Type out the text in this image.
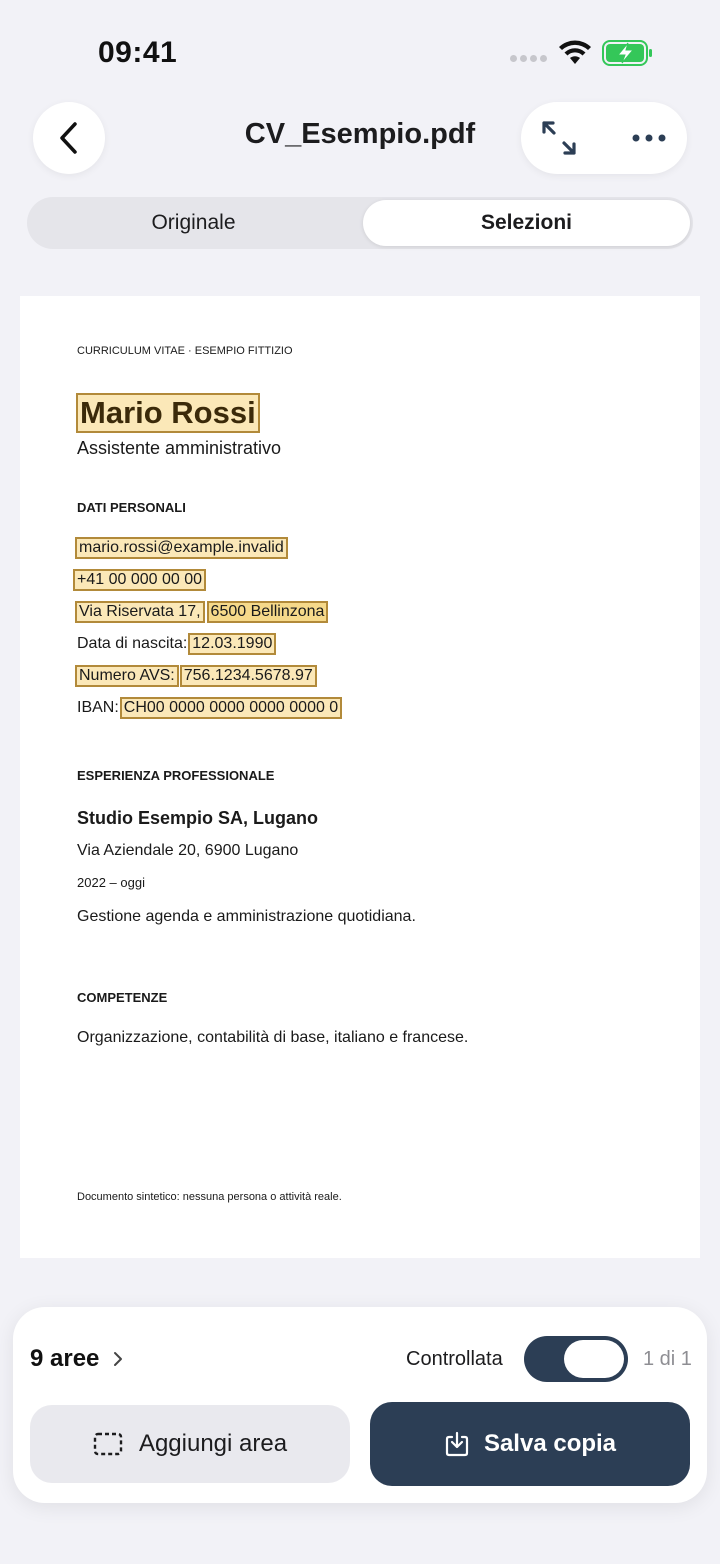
09:41
CV_Esempio.pdf
Originale	Selezioni
CURRICULUM VITAE · ESEMPIO FITTIZIO
Mario Rossi
Assistente amministrativo
DATI PERSONALI
mario.rossi@example.invalid
+41 00 000 00 00
Via Riservata 17, 6500 Bellinzona
Data di nascita: 12.03.1990
Numero AVS: 756.1234.5678.97
IBAN: CH00 0000 0000 0000 0000 0
ESPERIENZA PROFESSIONALE
Studio Esempio SA, Lugano
Via Aziendale 20, 6900 Lugano
2022 – oggi
Gestione agenda e amministrazione quotidiana.
COMPETENZE
Organizzazione, contabilità di base, italiano e francese.
Documento sintetico: nessuna persona o attività reale.
9 aree	Controllata	1 di 1
Aggiungi area	Salva copia
